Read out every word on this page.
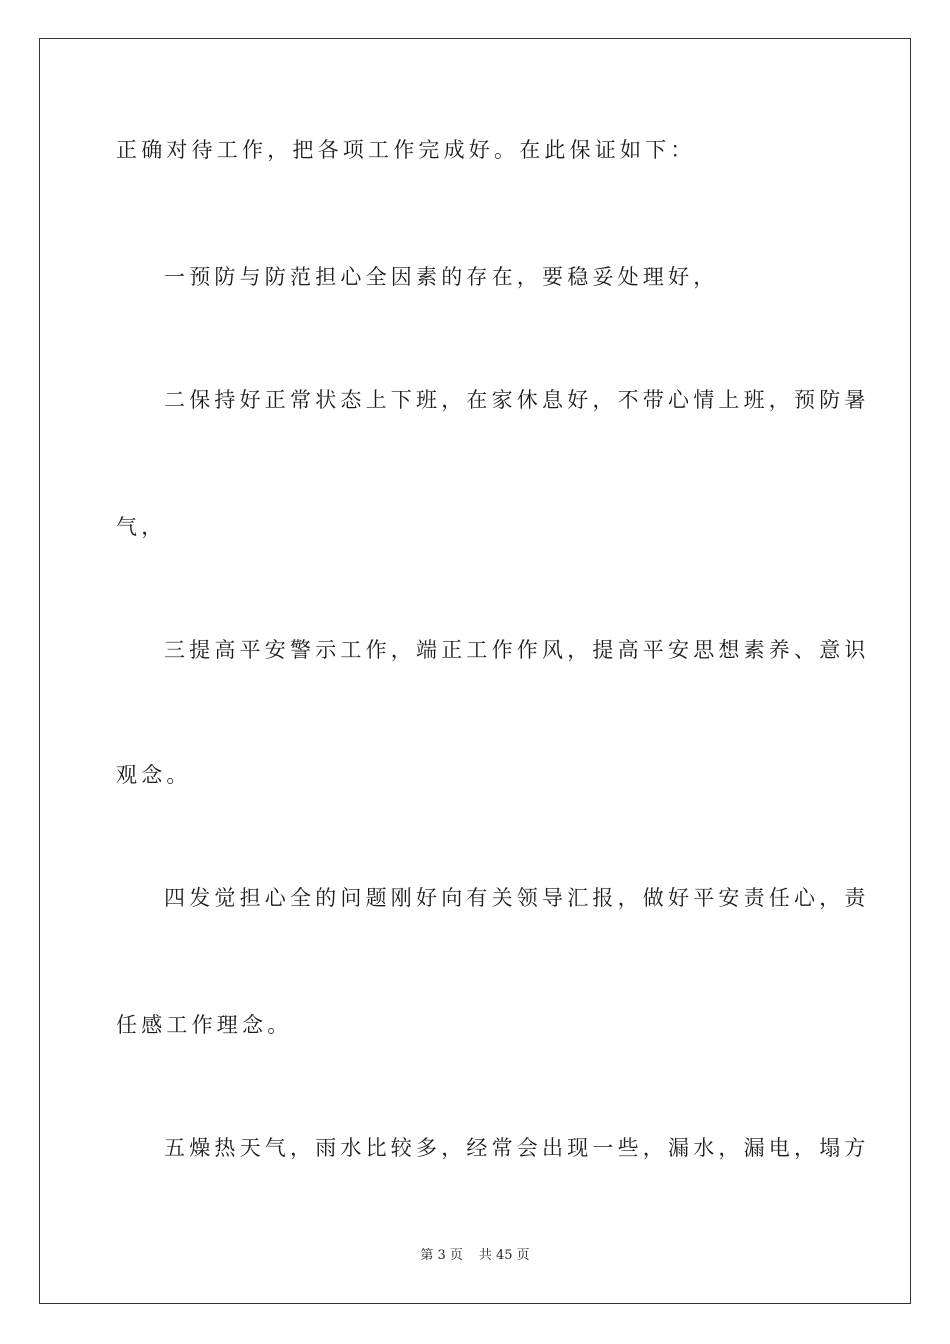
正确对待工作，把各项工作完成好。在此保证如下：
一预防与防范担心全因素的存在，要稳妥处理好，
二保持好正常状态上下班，在家休息好，不带心情上班，预防暑
气，
三提高平安警示工作，端正工作作风，提高平安思想素养、意识
观念。
四发觉担心全的问题刚好向有关领导汇报，做好平安责任心，责
任感工作理念。
五燥热天气，雨水比较多，经常会出现一些，漏水，漏电，塌方
第 3 页 共 45 页
